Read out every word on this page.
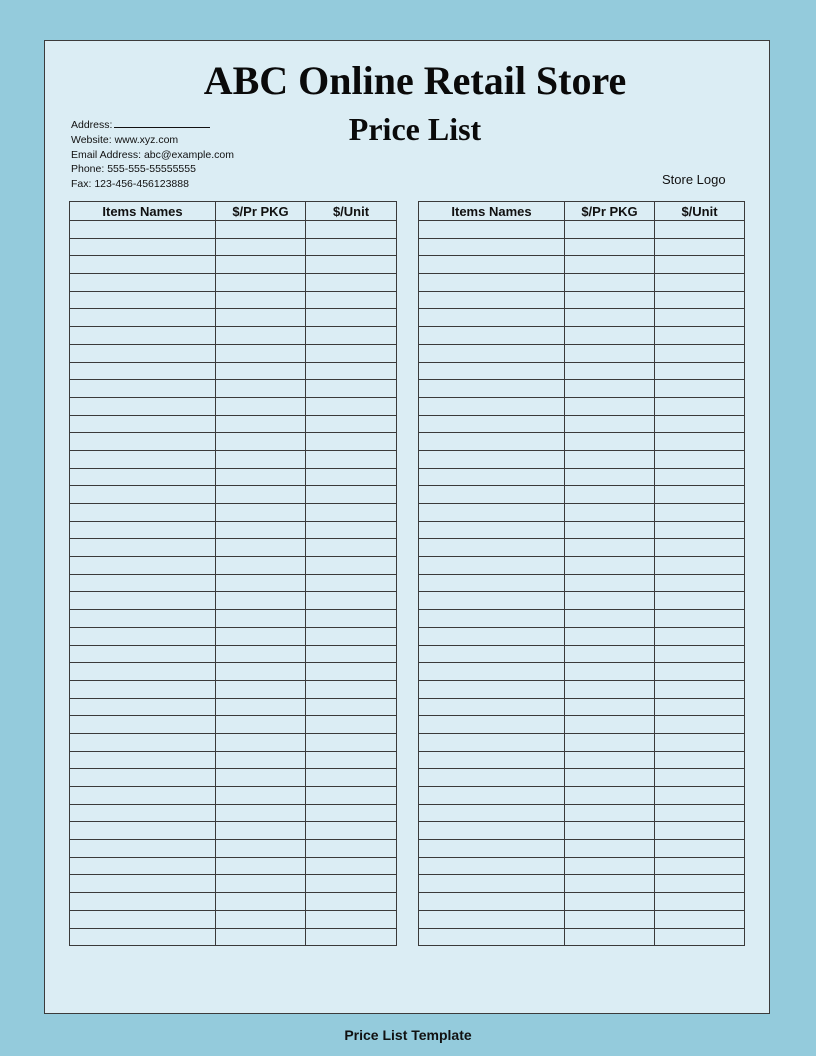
ABC Online Retail Store
Price List
Address:
Website: www.xyz.com
Email Address: abc@example.com
Phone: 555-555-55555555
Fax: 123-456-456123888	Store Logo
Items Names	$/Pr PKG	$/Unit

			Items Names	$/Pr PKG	$/Unit

Price List Template
